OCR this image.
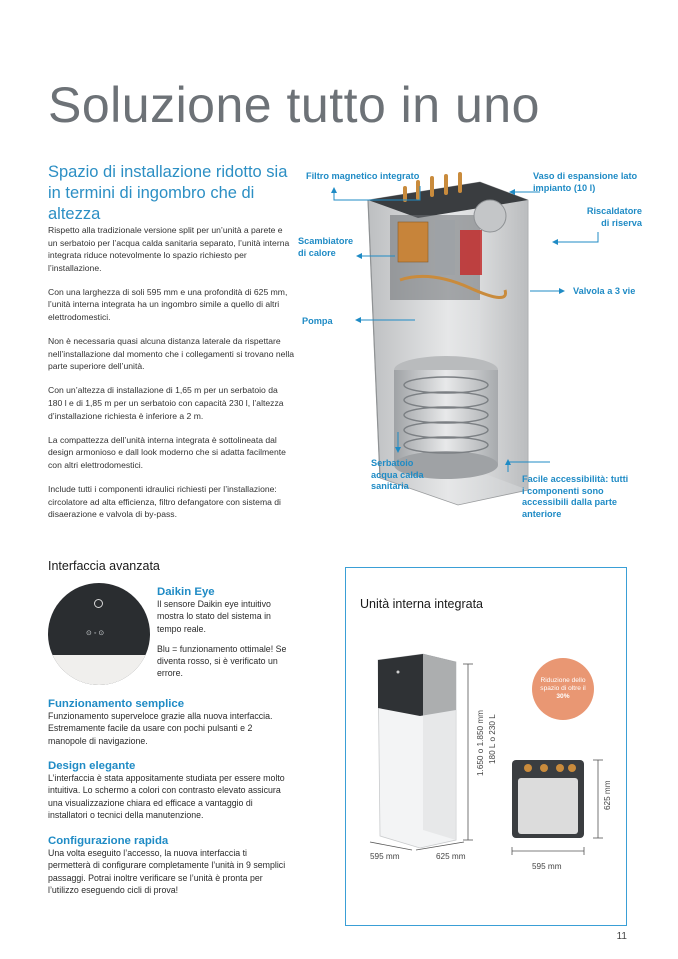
Soluzione tutto in uno
Spazio di installazione ridotto sia in termini di ingombro che di altezza

Rispetto alla tradizionale versione split per un’unità a parete e un serbatoio per l’acqua calda sanitaria separato, l’unità interna integrata riduce notevolmente lo spazio richiesto per l’installazione.

Con una larghezza di soli 595 mm e una profondità di 625 mm, l’unità interna integrata ha un ingombro simile a quello di altri elettrodomestici.

Non è necessaria quasi alcuna distanza laterale da rispettare nell’installazione dal momento che i collegamenti si trovano nella parte superiore dell’unità.

Con un’altezza di installazione di 1,65 m per un serbatoio da 180 l e di 1,85 m per un serbatoio con capacità 230 l, l’altezza d’installazione richiesta è inferiore a 2 m.

La compattezza dell’unità interna integrata è sottolineata dal design armonioso e dall look moderno che si adatta facilmente con altri elettrodomestici.

Include tutti i componenti idraulici richiesti per l’installazione: circolatore ad alta efficienza, filtro defangatore con sistema di disaerazione e valvola di by-pass.

Filtro magnetico integrato	Vaso di espansione lato impianto (10 l)
Riscaldatore di riserva
Scambiatore di calore
Valvola a 3 vie
Pompa
Serbatoio acqua calda sanitaria
Facile accessibilità: tutti i componenti sono accessibili dalla parte anteriore
Interfaccia avanzata
⊙◦⊙

Daikin Eye

Il sensore Daikin eye intuitivo mostra lo stato del sistema in tempo reale.

Blu = funzionamento ottimale! Se diventa rosso, si è verificato un errore.

Funzionamento semplice

Funzionamento superveloce grazie alla nuova interfaccia. Estremamente facile da usare con pochi pulsanti e 2 manopole di navigazione.

Design elegante

L’interfaccia è stata appositamente studiata per essere molto intuitiva. Lo schermo a colori con contrasto elevato assicura una visualizzazione chiara ed efficace a vantaggio di installatori o tecnici della manutenzione.

Configurazione rapida

Una volta eseguito l’accesso, la nuova interfaccia ti permetterà di configurare completamente l’unità in 9 semplici passaggi. Potrai inoltre verificare se l’unità è pronta per l’utilizzo eseguendo cicli di prova!

Unità interna integrata
1.650 o 1.850 mm 180 L o 230 L
595 mm	625 mm
Riduzione dello spazio di oltre il
30%
625 mm
595 mm
11
